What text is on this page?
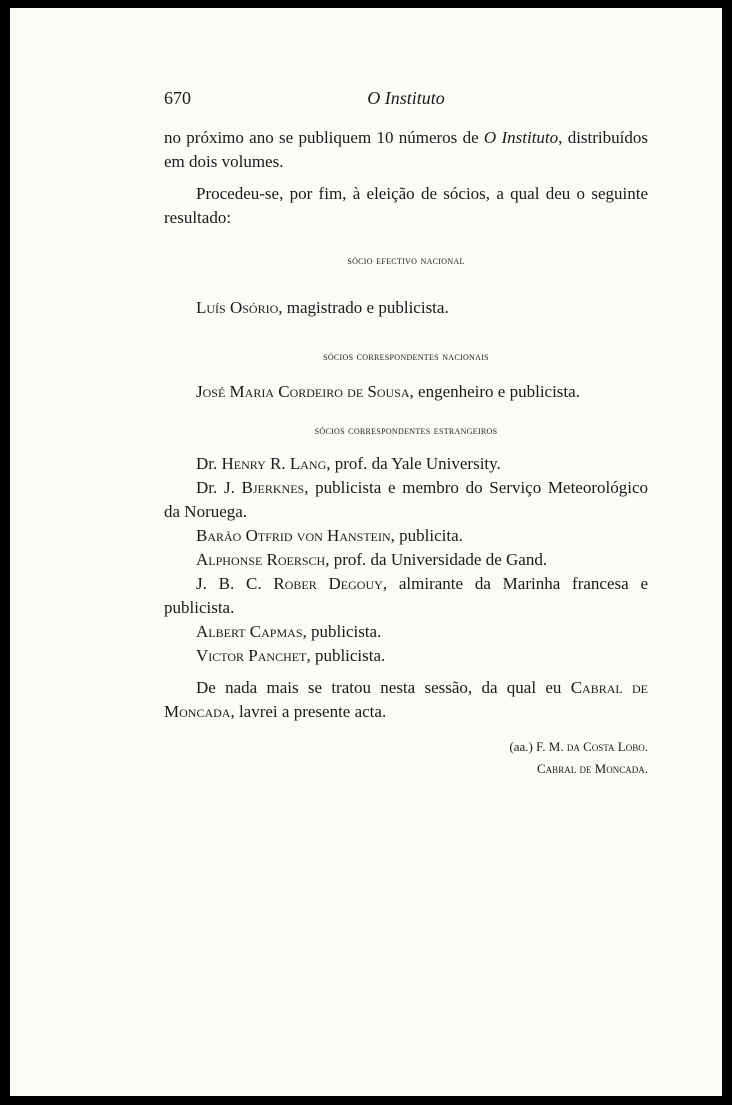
670	O Instituto

no próximo ano se publiquem 10 números de O Instituto, distribuídos em dois volumes.

Procedeu-se, por fim, à eleição de sócios, a qual deu o seguinte resultado:

sócio efectivo nacional

Luís Osório, magistrado e publicista.

sócios correspondentes nacionais

José Maria Cordeiro de Sousa, engenheiro e publicista.

sócios correspondentes estrangeiros

Dr. Henry R. Lang, prof. da Yale University.

Dr. J. Bjerknes, publicista e membro do Serviço Meteorológico da Noruega.

Barão Otfrid von Hanstein, publicita.

Alphonse Roersch, prof. da Universidade de Gand.

J. B. C. Rober Degouy, almirante da Marinha francesa e publicista.

Albert Capmas, publicista.

Victor Panchet, publicista.

De nada mais se tratou nesta sessão, da qual eu Cabral de Moncada, lavrei a presente acta.

(aa.) F. M. da Costa Lobo.
Cabral de Moncada.
